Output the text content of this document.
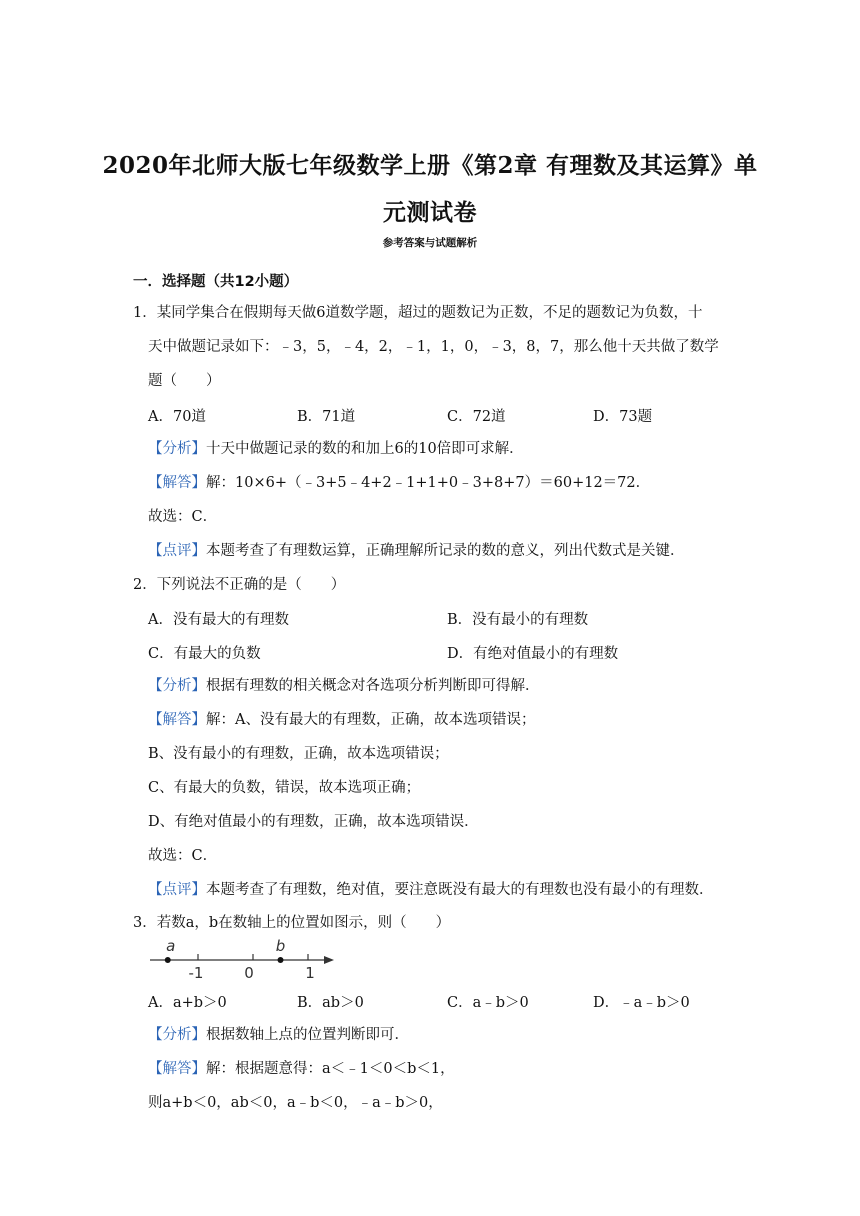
2020年北师大版七年级数学上册《第2章 有理数及其运算》单
元测试卷
参考答案与试题解析
一．选择题（共12小题）
1．某同学集合在假期每天做6道数学题，超过的题数记为正数，不足的题数记为负数，十
天中做题记录如下：﹣3，5，﹣4，2，﹣1，1，0，﹣3，8，7，那么他十天共做了数学
题（　　）
A．70道	B．71道	C．72道	D．73题
【分析】十天中做题记录的数的和加上6的10倍即可求解．
【解答】解：10×6+（﹣3+5﹣4+2﹣1+1+0﹣3+8+7）＝60+12＝72．
故选：C．
【点评】本题考查了有理数运算，正确理解所记录的数的意义，列出代数式是关键．
2．下列说法不正确的是（　　）
A．没有最大的有理数	B．没有最小的有理数
C．有最大的负数	D．有绝对值最小的有理数
【分析】根据有理数的相关概念对各选项分析判断即可得解．
【解答】解：A、没有最大的有理数，正确，故本选项错误；
B、没有最小的有理数，正确，故本选项错误；
C、有最大的负数，错误，故本选项正确；
D、有绝对值最小的有理数，正确，故本选项错误．
故选：C．
【点评】本题考查了有理数，绝对值，要注意既没有最大的有理数也没有最小的有理数．
3．若数a，b在数轴上的位置如图示，则（　　）
a	b
-1	0	1
A．a+b＞0	B．ab＞0	C．a﹣b＞0	D．﹣a﹣b＞0
【分析】根据数轴上点的位置判断即可．
【解答】解：根据题意得：a＜﹣1＜0＜b＜1，
则a+b＜0，ab＜0，a﹣b＜0，﹣a﹣b＞0，
